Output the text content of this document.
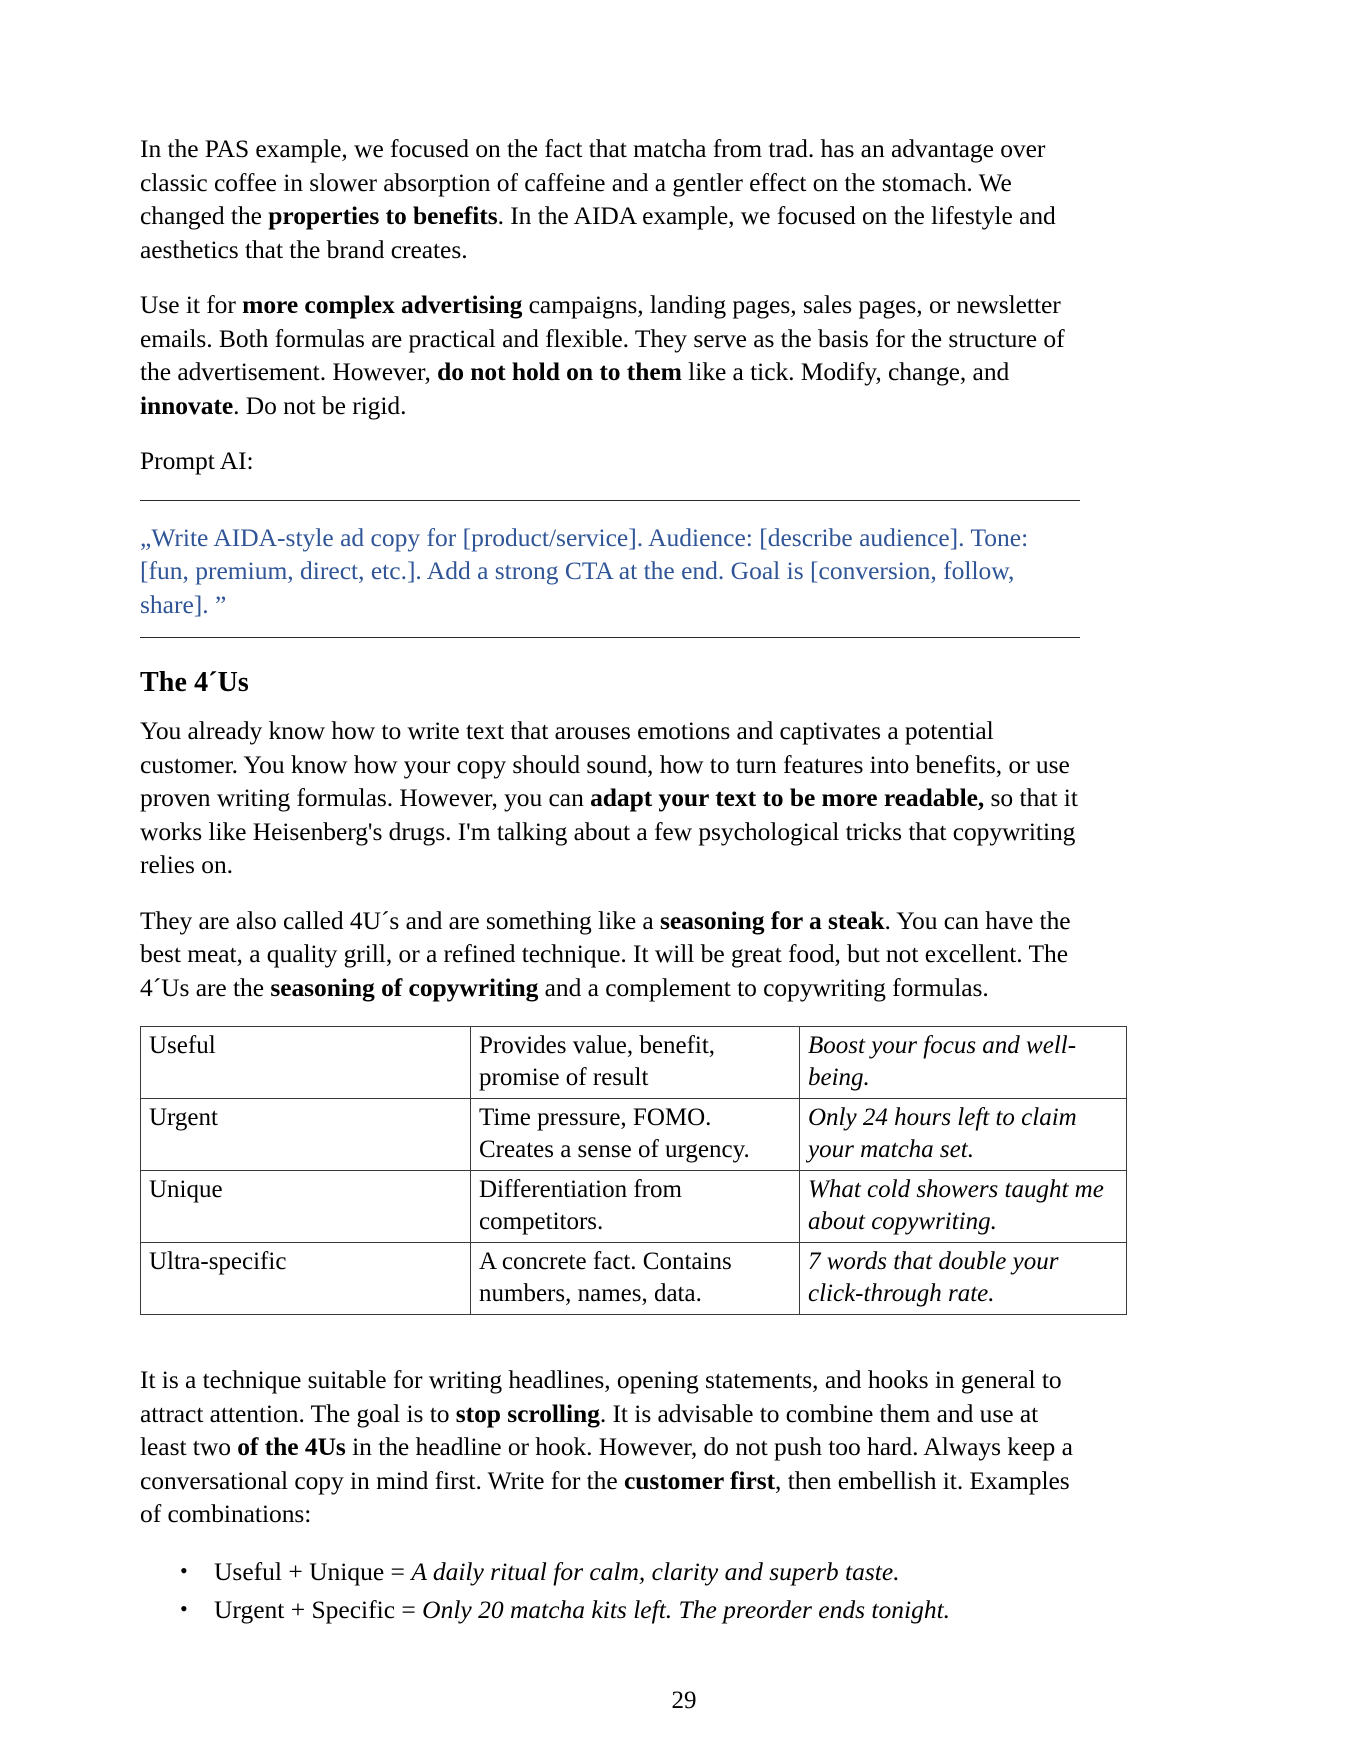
In the PAS example, we focused on the fact that matcha from trad. has an advantage over classic coffee in slower absorption of caffeine and a gentler effect on the stomach. We changed the properties to benefits. In the AIDA example, we focused on the lifestyle and aesthetics that the brand creates.

Use it for more complex advertising campaigns, landing pages, sales pages, or newsletter emails. Both formulas are practical and flexible. They serve as the basis for the structure of the advertisement. However, do not hold on to them like a tick. Modify, change, and innovate. Do not be rigid.

Prompt AI:

„Write AIDA-style ad copy for [product/service]. Audience: [describe audience]. Tone: [fun, premium, direct, etc.]. Add a strong CTA at the end. Goal is [conversion, follow, share]. ”

The 4´Us

You already know how to write text that arouses emotions and captivates a potential customer. You know how your copy should sound, how to turn features into benefits, or use proven writing formulas. However, you can adapt your text to be more readable, so that it works like Heisenberg's drugs. I'm talking about a few psychological tricks that copywriting relies on.

They are also called 4U´s and are something like a seasoning for a steak. You can have the best meat, a quality grill, or a refined technique. It will be great food, but not excellent. The 4´Us are the seasoning of copywriting and a complement to copywriting formulas.

Useful	Provides value, benefit, promise of result	Boost your focus and well-being.
Urgent	Time pressure, FOMO. Creates a sense of urgency.	Only 24 hours left to claim your matcha set.
Unique	Differentiation from competitors.	What cold showers taught me about copywriting.
Ultra-specific	A concrete fact. Contains numbers, names, data.	7 words that double your click-through rate.

It is a technique suitable for writing headlines, opening statements, and hooks in general to attract attention. The goal is to stop scrolling. It is advisable to combine them and use at least two of the 4Us in the headline or hook. However, do not push too hard. Always keep a conversational copy in mind first. Write for the customer first, then embellish it. Examples of combinations:

• Useful + Unique = A daily ritual for calm, clarity and superb taste.
• Urgent + Specific = Only 20 matcha kits left. The preorder ends tonight.
29
